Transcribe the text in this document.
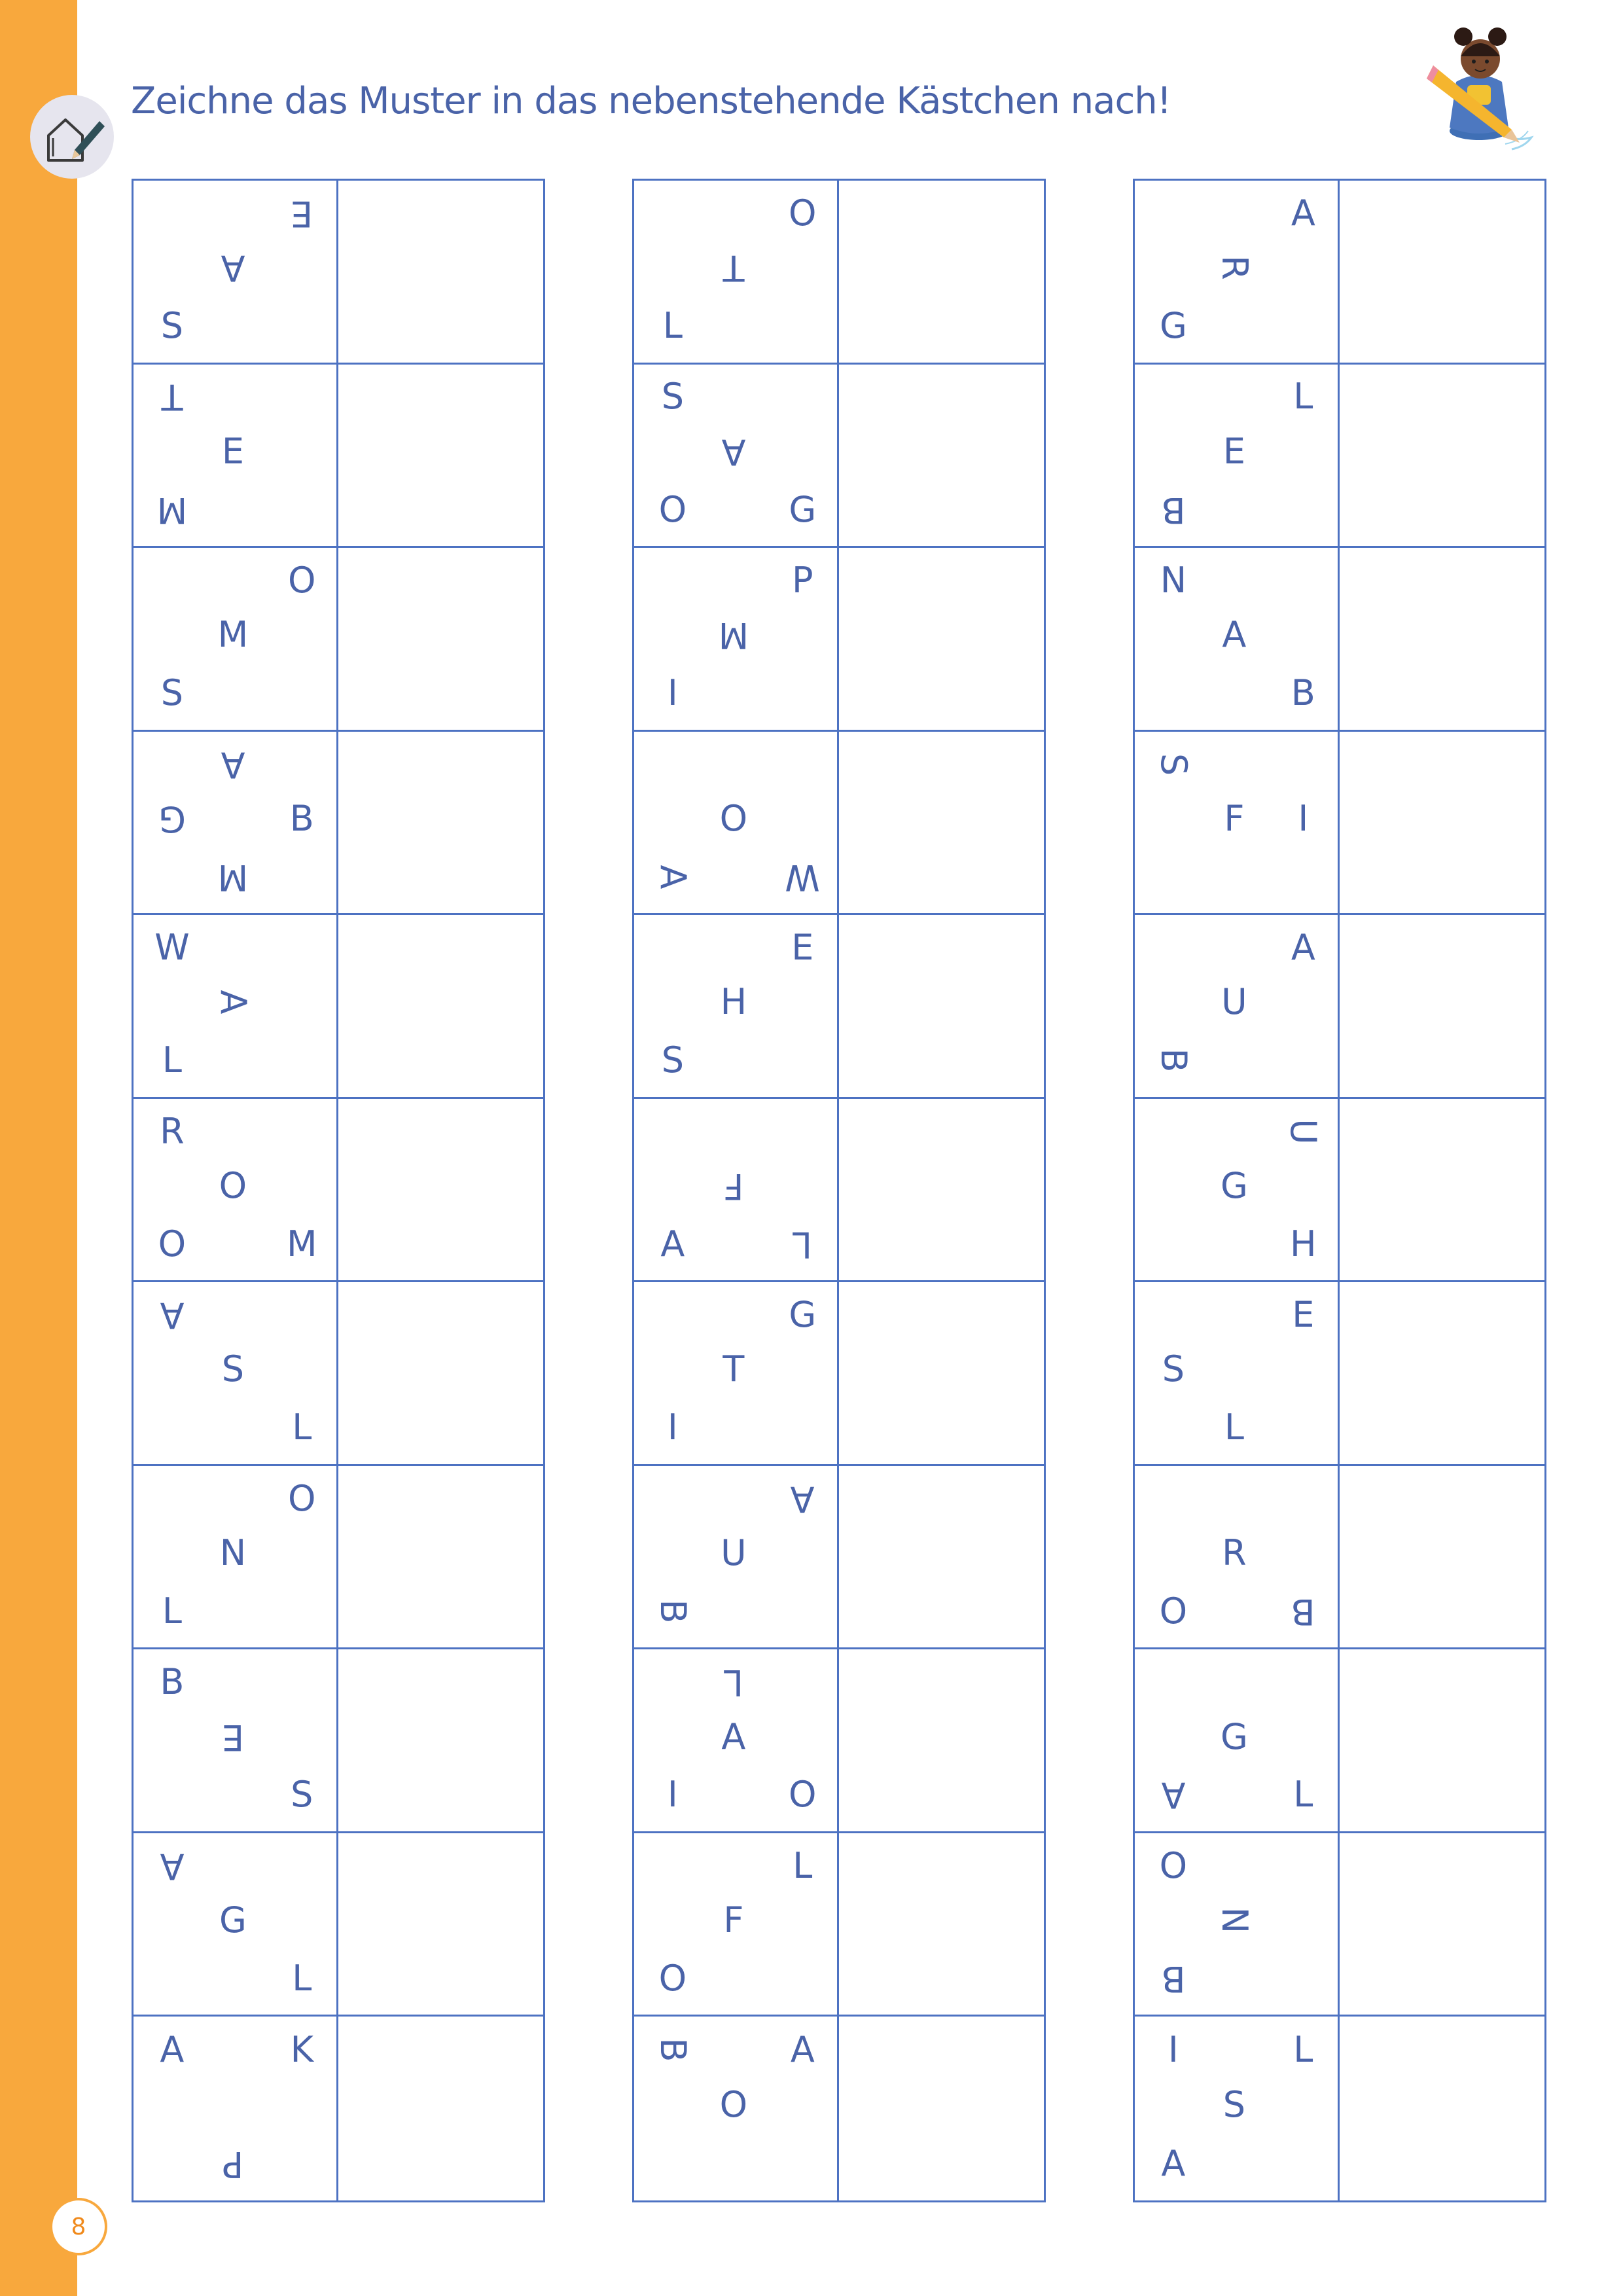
Zeichne das Muster in das nebenstehende Kästchen nach!
E
A
S
T
E
M
O
M
S
A
G	B
M
W
A
L
R
O
O	M
A
S
L
O
N
L
B
E
S
A
G
L
A	K
P
O
T
L
S
A
O	G
P
M
I
O
A	W
E
H
S
F
A	L
G
T
I
A
U
B
L
A
I	O
L
F
O
B	A
O
A
R
G
L
E
B
N
A
B
S
F	I
A
U
B
U
G
H
E
S
L
R
O	B
G
A	L
O
N
B
I	L
S
A
8
